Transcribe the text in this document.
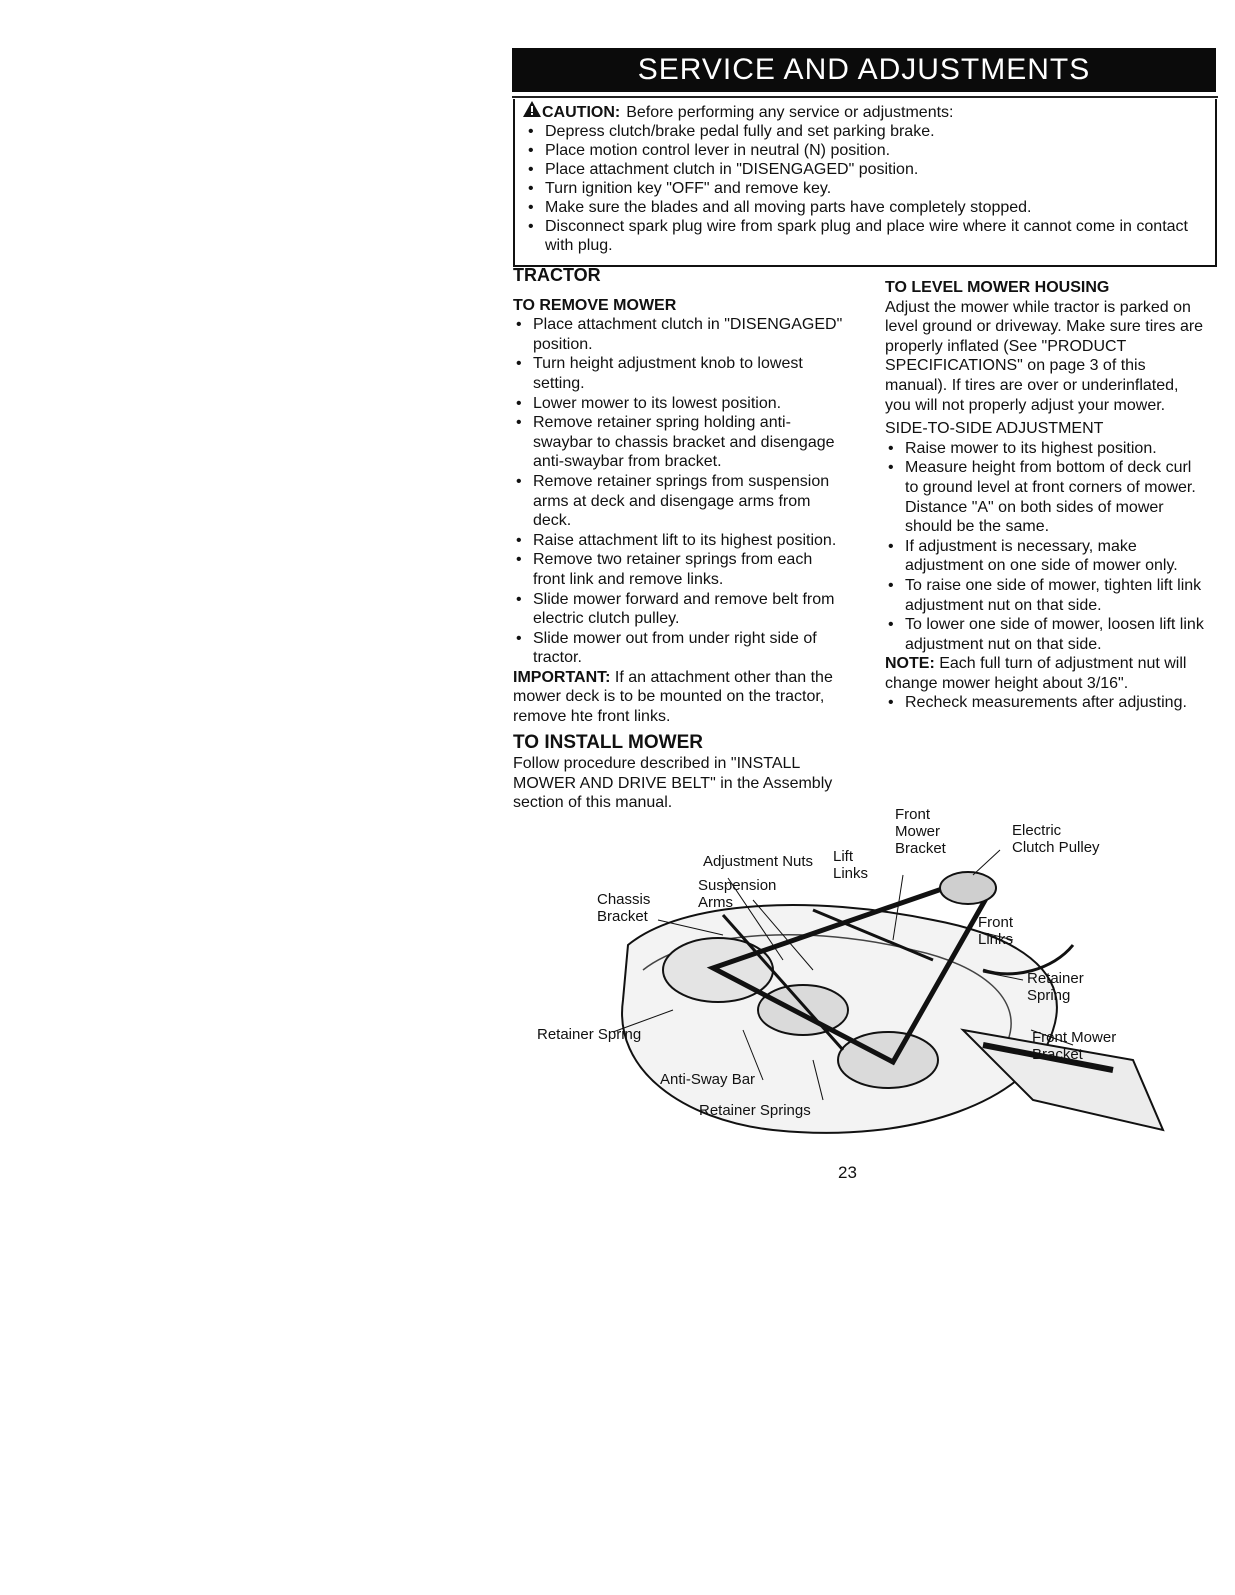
SERVICE AND ADJUSTMENTS
CAUTION: Before performing any service or adjustments:
• Depress clutch/brake pedal fully and set parking brake.
• Place motion control lever in neutral (N) position.
• Place attachment clutch in "DISENGAGED" position.
• Turn ignition key "OFF" and remove key.
• Make sure the blades and all moving parts have completely stopped.
• Disconnect spark plug wire from spark plug and place wire where it cannot come in contact with plug.
TRACTOR
TO REMOVE MOWER
• Place attachment clutch in "DISENGAGED" position.
• Turn height adjustment knob to lowest setting.
• Lower mower to its lowest position.
• Remove retainer spring holding anti-swaybar to chassis bracket and disengage anti-swaybar from bracket.
• Remove retainer springs from suspension arms at deck and disengage arms from deck.
• Raise attachment lift to its highest position.
• Remove two retainer springs from each front link and remove links.
• Slide mower forward and remove belt from electric clutch pulley.
• Slide mower out from under right side of tractor.

IMPORTANT: If an attachment other than the mower deck is to be mounted on the tractor, remove hte front links.

TO INSTALL MOWER

Follow procedure described in "INSTALL MOWER AND DRIVE BELT" in the Assembly section of this manual.

TO LEVEL MOWER HOUSING

Adjust the mower while tractor is parked on level ground or driveway. Make sure tires are properly inflated (See "PRODUCT SPECIFICATIONS" on page 3 of this manual). If tires are over or underinflated, you will not properly adjust your mower.

SIDE-TO-SIDE ADJUSTMENT
• Raise mower to its highest position.
• Measure height from bottom of deck curl to ground level at front corners of mower. Distance "A" on both sides of mower should be the same.
• If adjustment is necessary, make adjustment on one side of mower only.
• To raise one side of mower, tighten lift link adjustment nut on that side.
• To lower one side of mower, loosen lift link adjustment nut on that side.

NOTE: Each full turn of adjustment nut will change mower height about 3/16".

• Recheck measurements after adjusting.
Front
Mower
Bracket
Electric
Clutch Pulley
Adjustment Nuts Lift
Links
Suspension
Arms
Chassis
Bracket	Front
Links
Retainer
Spring
Retainer Spring	Front Mower
Bracket
Anti-Sway Bar
Retainer Springs
23
